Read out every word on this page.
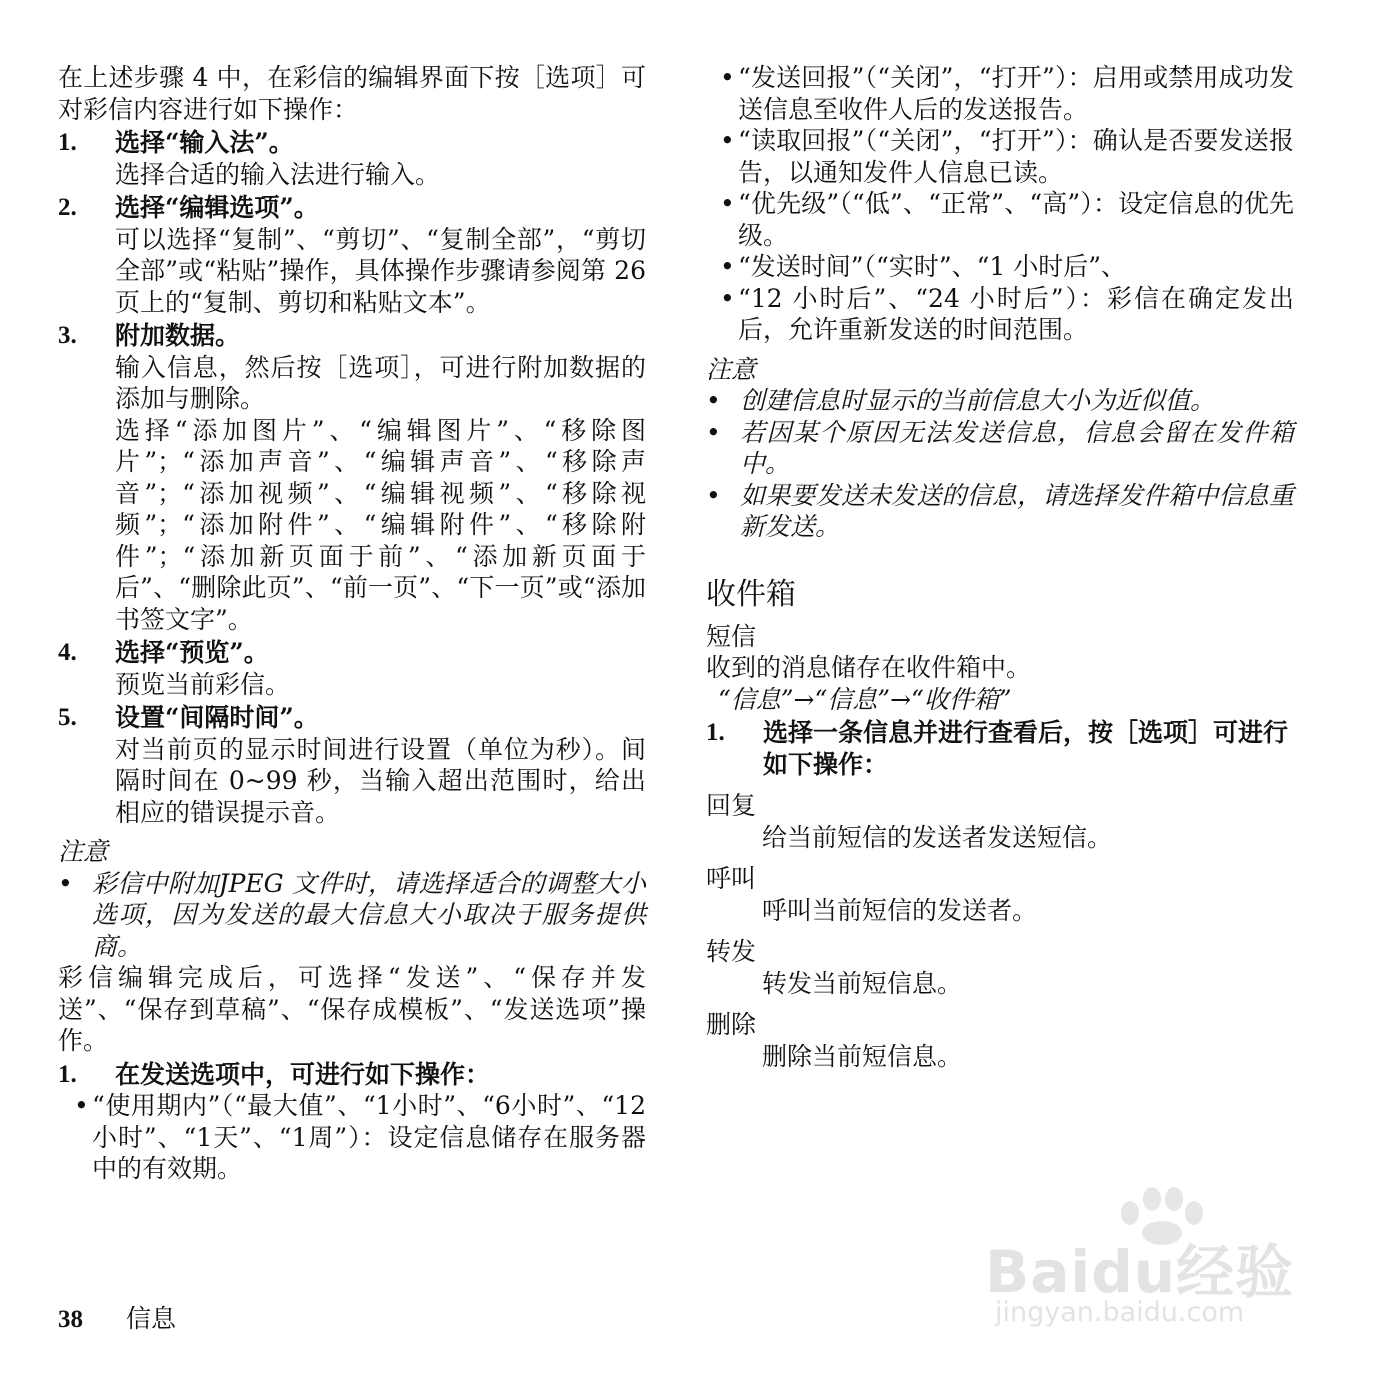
在上述步骤 4 中，在彩信的编辑界面下按［选项］可对彩信内容进行如下操作：

1.	选择“输入法”。
选择合适的输入法进行输入。
2.	选择“编辑选项”。
可以选择“复制”、“剪切”、“复制全部”，“剪切全部”或“粘贴”操作，具体操作步骤请参阅第 26 页上的“复制、剪切和粘贴文本”。
3.	附加数据。
输入信息，然后按［选项］，可进行附加数据的添加与删除。
选择“添加图片”、“编辑图片”、“移除图片”；“添加声音”、“编辑声音”、“移除声音”；“添加视频”、“编辑视频”、“移除视频”；“添加附件”、“编辑附件”、“移除附件”；“添加新页面于前”、“添加新页面于后”、“删除此页”、“前一页”、“下一页”或“添加书签文字”。
4.	选择“预览”。
预览当前彩信。
5.	设置“间隔时间”。
对当前页的显示时间进行设置（单位为秒）。间隔时间在 0~99 秒，当输入超出范围时，给出相应的错误提示音。
注意
• 彩信中附加JPEG 文件时，请选择适合的调整大小选项，因为发送的最大信息大小取决于服务提供商。

彩信编辑完成后，可选择“发送”、“保存并发送”、“保存到草稿”、“保存成模板”、“发送选项”操作。

1.	在发送选项中，可进行如下操作：
• “使用期内”（“最大值”、“1小时”、“6小时”、“12小时”、“1天”、“1周”）：设定信息储存在服务器中的有效期。
• “发送回报”（“关闭”，“打开”）：启用或禁用成功发送信息至收件人后的发送报告。
• “读取回报”（“关闭”，“打开”）：确认是否要发送报告，以通知发件人信息已读。
• “优先级”（“低”、“正常”、“高”）：设定信息的优先级。
• “发送时间”（“实时”、“1 小时后”、
• “12 小时后”、“24 小时后”）：彩信在确定发出后，允许重新发送的时间范围。
注意
• 创建信息时显示的当前信息大小为近似值。
• 若因某个原因无法发送信息，信息会留在发件箱中。
• 如果要发送未发送的信息，请选择发件箱中信息重新发送。
收件箱
短信

收到的消息储存在收件箱中。

“信息”→“信息”→“收件箱”

1.	选择一条信息并进行查看后，按［选项］可进行如下操作：
回复
给当前短信的发送者发送短信。
呼叫
呼叫当前短信的发送者。
转发
转发当前短信息。
删除
删除当前短信息。
38 信息
Baidu经验
jingyan.baidu.com
